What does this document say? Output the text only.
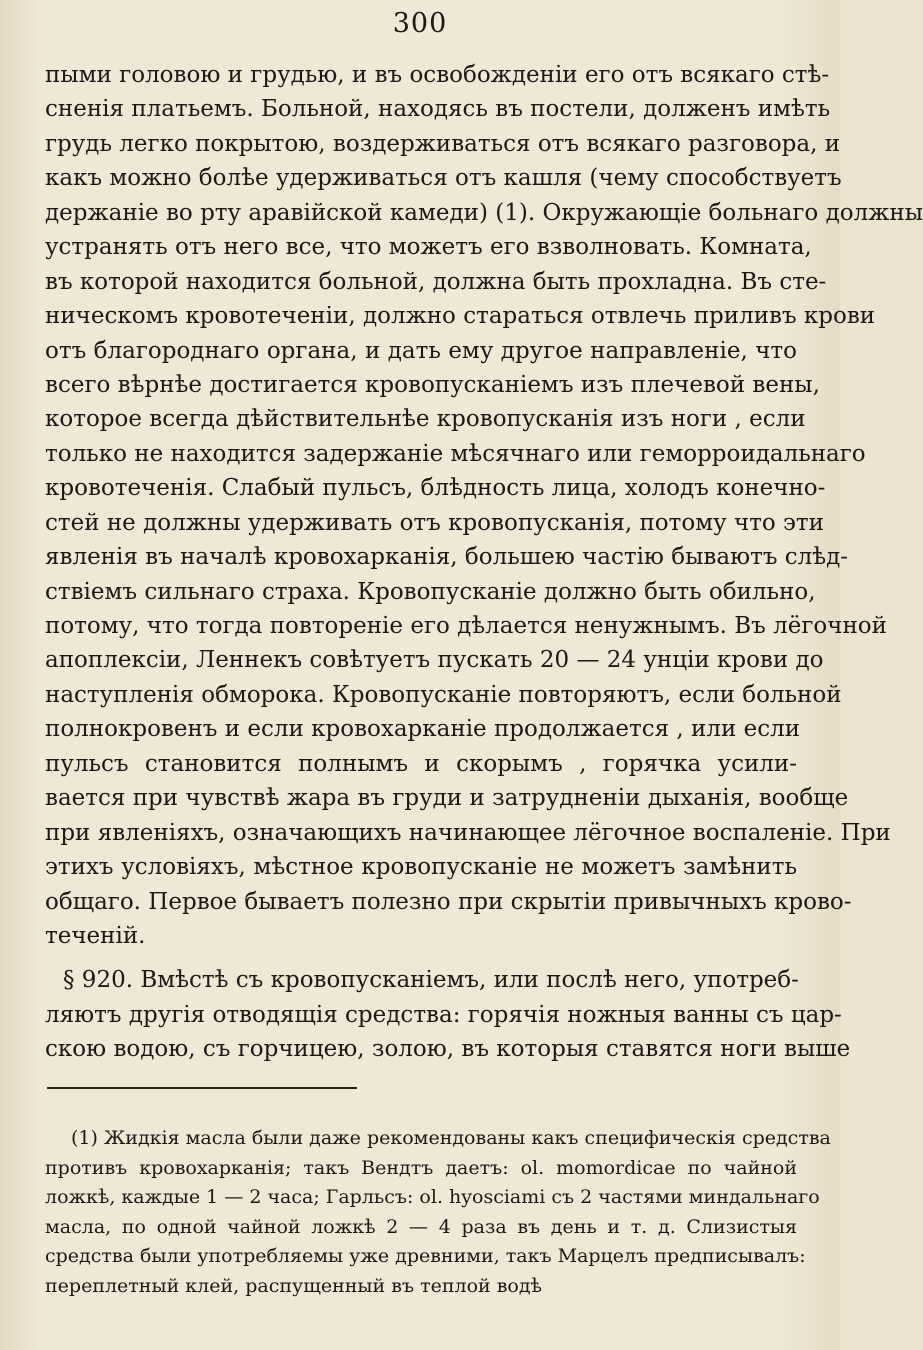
300
пыми головою и грудью, и въ освобожденіи его отъ всякаго стѣ-
сненія платьемъ. Больной, находясь въ постели, долженъ имѣть
грудь легко покрытою, воздерживаться отъ всякаго разговора, и
какъ можно болѣе удерживаться отъ кашля (чему способствуетъ
держаніе во рту аравійской камеди) (1). Окружающіе больнаго должны
устранять отъ него все, что можетъ его взволновать. Комната,
въ которой находится больной, должна быть прохладна. Въ сте-
ническомъ кровотеченіи, должно стараться отвлечь приливъ крови
отъ благороднаго органа, и дать ему другое направленіе, что
всего вѣрнѣе достигается кровопусканіемъ изъ плечевой вены,
которое всегда дѣйствительнѣе кровопусканія изъ ноги , если
только не находится задержаніе мѣсячнаго или геморроидальнаго
кровотеченія. Слабый пульсъ, блѣдность лица, холодъ конечно-
стей не должны удерживать отъ кровопусканія, потому что эти
явленія въ началѣ кровохарканія, большею частію бываютъ слѣд-
ствіемъ сильнаго страха. Кровопусканіе должно быть обильно,
потому, что тогда повтореніе его дѣлается ненужнымъ. Въ лёгочной
апоплексіи, Леннекъ совѣтуетъ пускать 20 — 24 унціи крови до
наступленія обморока. Кровопусканіе повторяютъ, если больной
полнокровенъ и если кровохарканіе продолжается , или если
пульсъ становится полнымъ и скорымъ , горячка усили-
вается при чувствѣ жара въ груди и затрудненіи дыханія, вообще
при явленіяхъ, означающихъ начинающее лёгочное воспаленіе. При
этихъ условіяхъ, мѣстное кровопусканіе не можетъ замѣнить
общаго. Первое бываетъ полезно при скрытіи привычныхъ крово-
теченій.
§ 920. Вмѣстѣ съ кровопусканіемъ, или послѣ него, употреб-
ляютъ другія отводящія средства: горячія ножныя ванны съ цар-
скою водою, съ горчицею, золою, въ которыя ставятся ноги выше
(1) Жидкія масла были даже рекомендованы какъ специфическія средства
противъ кровохарканія; такъ Вендтъ даетъ: ol. momordicae по чайной
ложкѣ, каждые 1 — 2 часа; Гарльсъ: ol. hyosciami съ 2 частями миндальнаго
масла, по одной чайной ложкѣ 2 — 4 раза въ день и т. д. Слизистыя
средства были употребляемы уже древними, такъ Марцелъ предписывалъ:
переплетный клей, распущенный въ теплой водѣ
